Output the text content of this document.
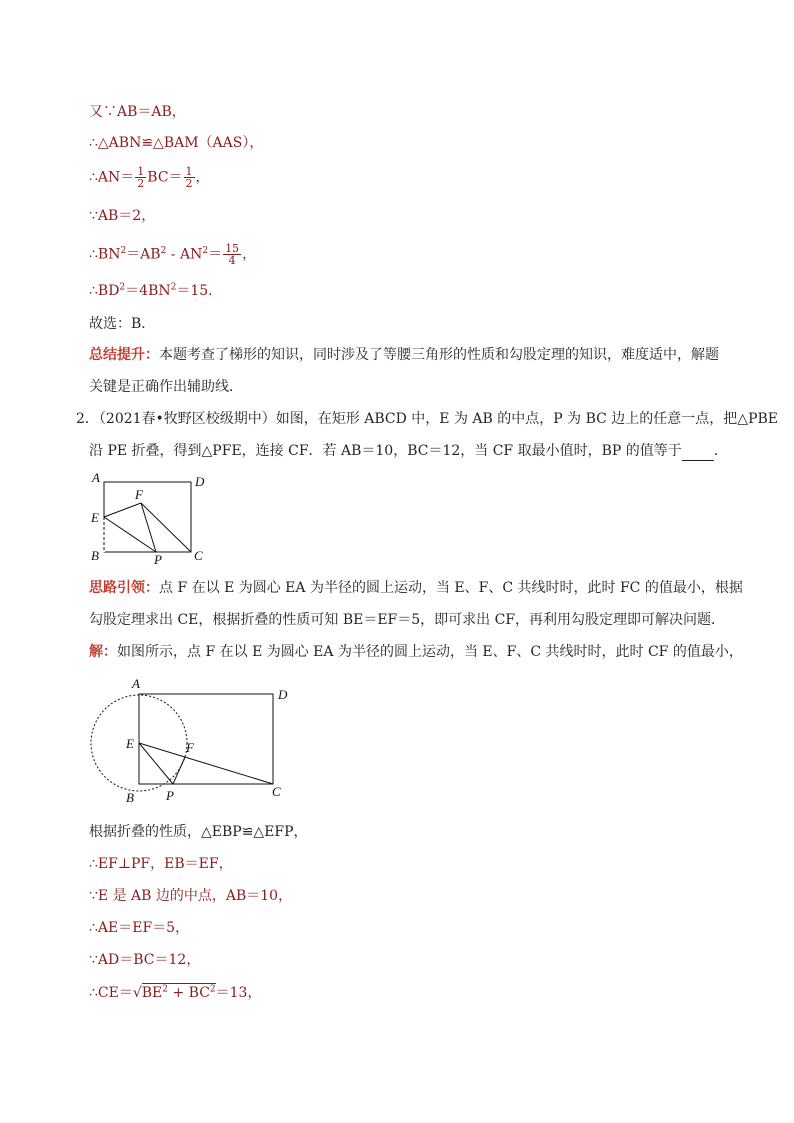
又∵AB＝AB，
∴△ABN≌△BAM（AAS），
∴AN＝ $\frac{1}{2} BC= \frac{1}{2}$ ，
∵AB＝2，
$\therefore BN^2=AB^2 - AN^2= \frac{15}{4}$ ，
$\therefore BD^2=4BN^2=15$．
故选：B．
总结提升：本题考查了梯形的知识，同时涉及了等腰三角形的性质和勾股定理的知识，难度适中，解题
关键是正确作出辅助线．
2．（2021春•牧野区校级期中）如图，在矩形 ABCD 中，E 为 AB 的中点，P 为 BC 边上的任意一点，把△PBE
沿 PE 折叠，得到△PFE，连接 CF．若 AB＝10，BC＝12，当 CF 取最小值时，BP 的值等于 ．
A	D
F
E
B	P C
思路引领：点 F 在以 E 为圆心 EA 为半径的圆上运动，当 E、F、C 共线时时，此时 FC 的值最小，根据
勾股定理求出 CE，根据折叠的性质可知 BE＝EF＝5，即可求出 CF，再利用勾股定理即可解决问题．
解：如图所示，点 F 在以 E 为圆心 EA 为半径的圆上运动，当 E、F、C 共线时时，此时 CF 的值最小，
A
D
E	F
B P	C
根据折叠的性质，△EBP≌△EFP，
∴EF⊥PF，EB＝EF，
∵E 是 AB 边的中点，AB＝10，
∴AE＝EF＝5，
∵AD＝BC＝12，
$\therefore CE=√BE^2 + BC^2=13$，
